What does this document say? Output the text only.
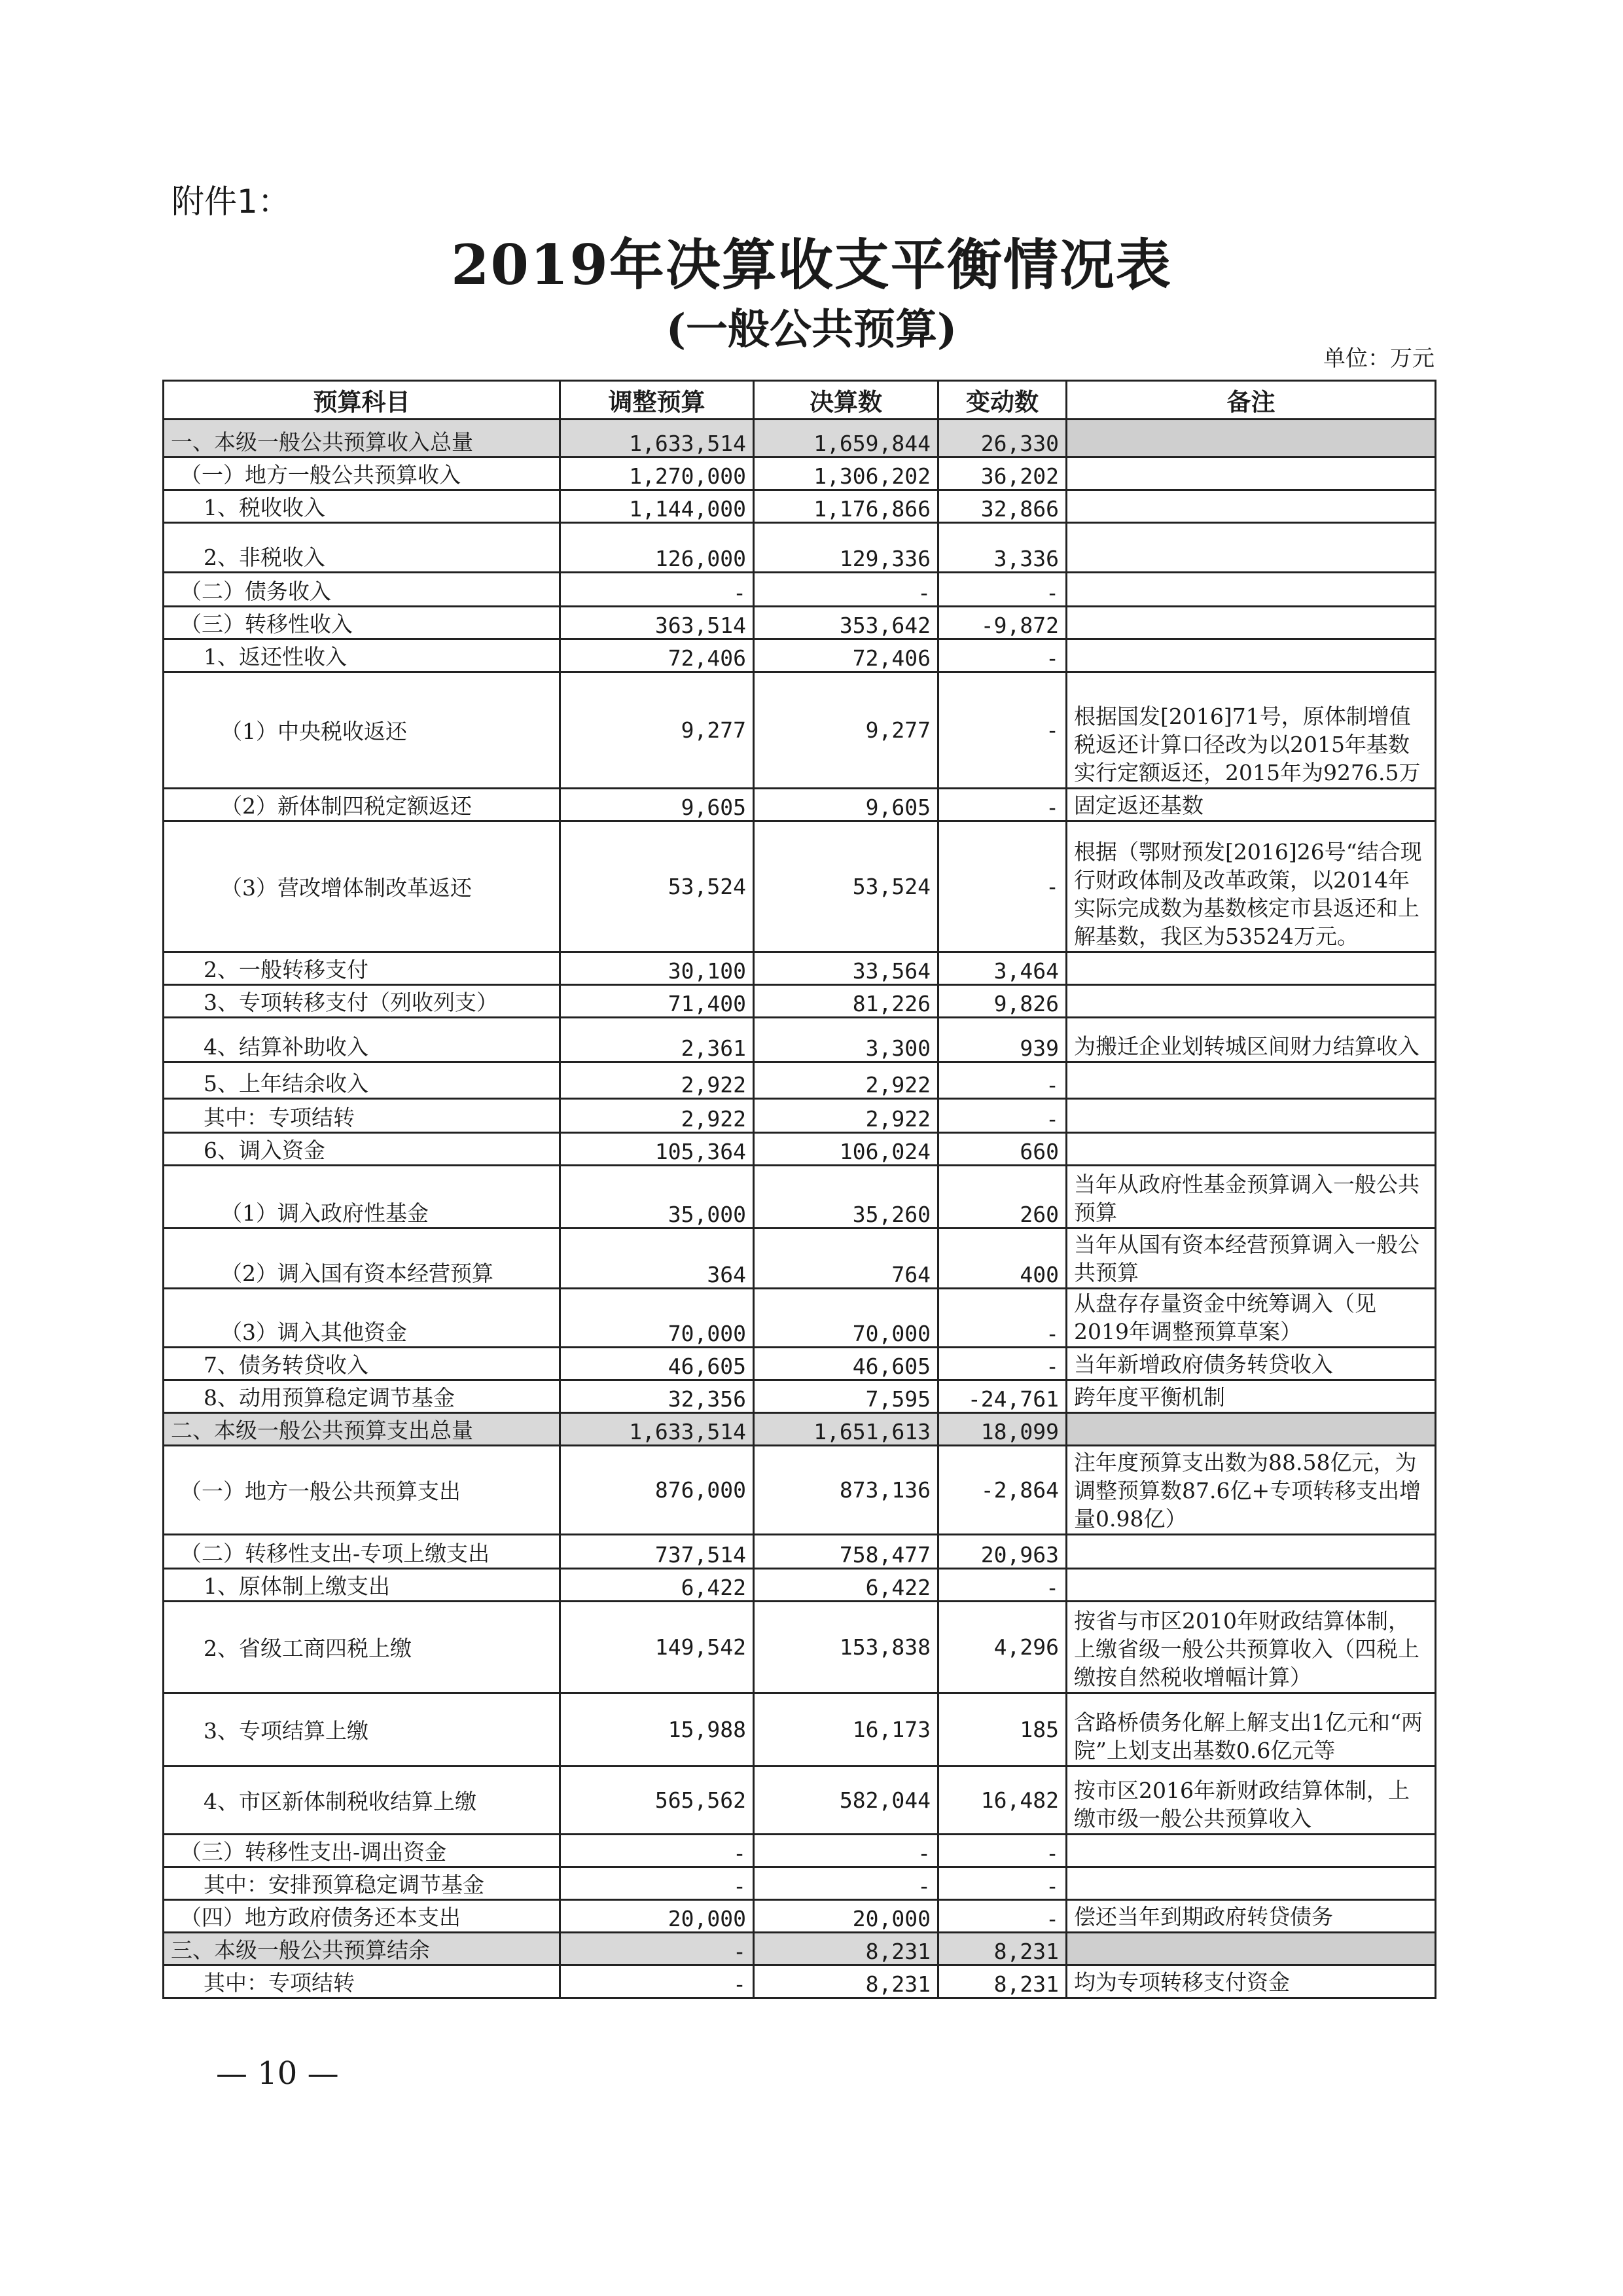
附件1：
2019年决算收支平衡情况表
(一般公共预算)
单位：万元
预算科目	调整预算	决算数	变动数	备注
一、本级一般公共预算收入总量	1,633,514	1,659,844	26,330	
（一）地方一般公共预算收入	1,270,000	1,306,202	36,202	
1、税收收入	1,144,000	1,176,866	32,866	
2、非税收入	126,000	129,336	3,336	
（二）债务收入	-	-	-	
（三）转移性收入	363,514	353,642	-9,872	
1、返还性收入	72,406	72,406	-	
（1）中央税收返还	9,277	9,277	-	根据国发[2016]71号，原体制增值税返还计算口径改为以2015年基数实行定额返还，2015年为9276.5万
（2）新体制四税定额返还	9,605	9,605	-	固定返还基数
（3）营改增体制改革返还	53,524	53,524	-	根据（鄂财预发[2016]26号“结合现行财政体制及改革政策，以2014年实际完成数为基数核定市县返还和上解基数，我区为53524万元。
2、一般转移支付	30,100	33,564	3,464	
3、专项转移支付（列收列支）	71,400	81,226	9,826	
4、结算补助收入	2,361	3,300	939	为搬迁企业划转城区间财力结算收入
5、上年结余收入	2,922	2,922	-	
其中：专项结转	2,922	2,922	-	
6、调入资金	105,364	106,024	660	
（1）调入政府性基金	35,000	35,260	260	当年从政府性基金预算调入一般公共预算
（2）调入国有资本经营预算	364	764	400	当年从国有资本经营预算调入一般公共预算
（3）调入其他资金	70,000	70,000	-	从盘存存量资金中统筹调入（见2019年调整预算草案）
7、债务转贷收入	46,605	46,605	-	当年新增政府债务转贷收入
8、动用预算稳定调节基金	32,356	7,595	-24,761	跨年度平衡机制
二、本级一般公共预算支出总量	1,633,514	1,651,613	18,099	
（一）地方一般公共预算支出	876,000	873,136	-2,864	注年度预算支出数为88.58亿元，为调整预算数87.6亿+专项转移支出增量0.98亿）
（二）转移性支出-专项上缴支出	737,514	758,477	20,963	
1、原体制上缴支出	6,422	6,422	-	
2、省级工商四税上缴	149,542	153,838	4,296	按省与市区2010年财政结算体制，上缴省级一般公共预算收入（四税上缴按自然税收增幅计算）
3、专项结算上缴	15,988	16,173	185	含路桥债务化解上解支出1亿元和“两院”上划支出基数0.6亿元等
4、市区新体制税收结算上缴	565,562	582,044	16,482	按市区2016年新财政结算体制，上缴市级一般公共预算收入
（三）转移性支出-调出资金	-	-	-	
其中：安排预算稳定调节基金	-	-	-	
（四）地方政府债务还本支出	20,000	20,000	-	偿还当年到期政府转贷债务
三、本级一般公共预算结余	-	8,231	8,231	
其中：专项结转	-	8,231	8,231	均为专项转移支付资金
— 10 —
